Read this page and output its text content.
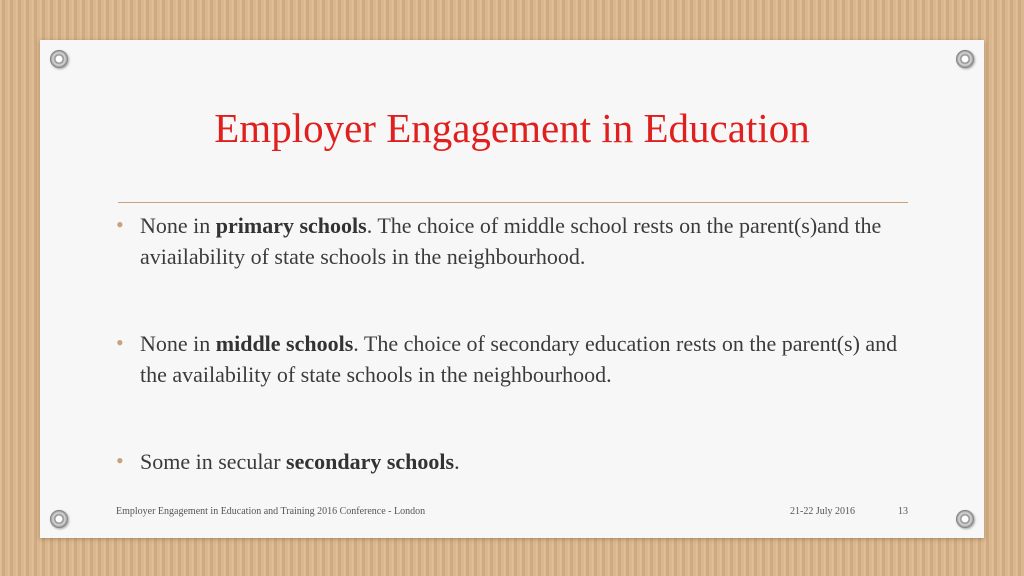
Employer Engagement in Education
• None in primary schools. The choice of middle school rests on the parent(s)and the aviailability of state schools in the neighbourhood.
• None in middle schools. The choice of secondary education rests on the parent(s) and the availability of state schools in the neighbourhood.
• Some in secular secondary schools.
Employer Engagement in Education and Training 2016 Conference - London	21-22 July 2016	13
